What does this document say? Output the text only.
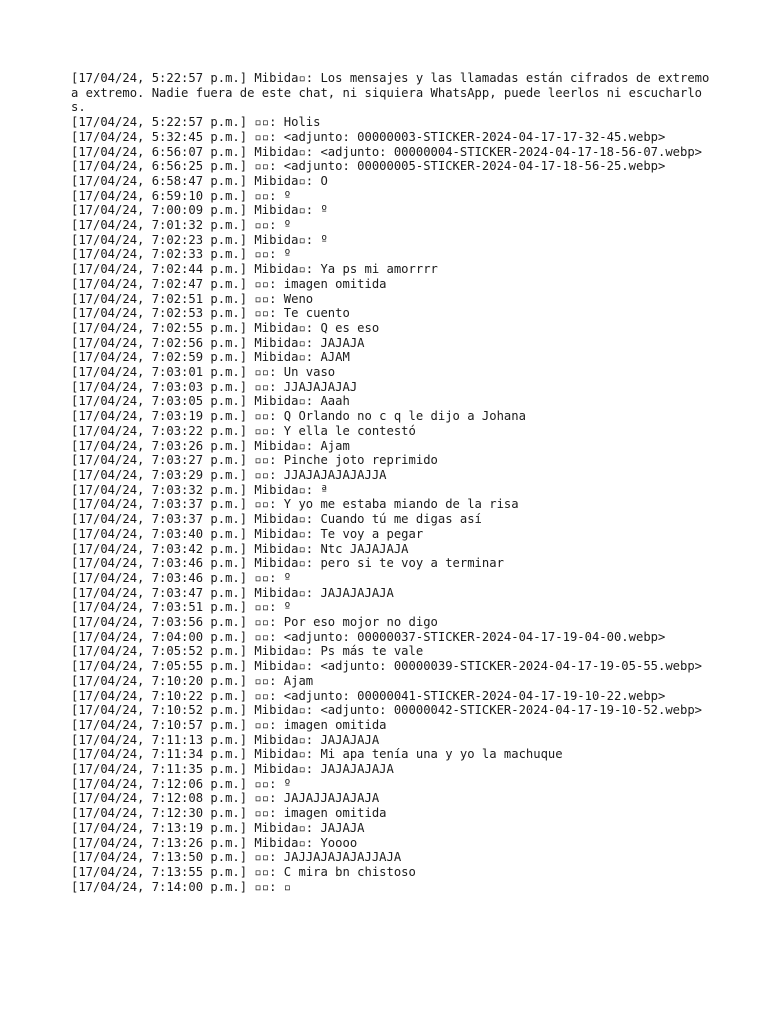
[17/04/24, 5:22:57 p.m.] Mibida▫: Los mensajes y las llamadas están cifrados de extremo a extremo. Nadie fuera de este chat, ni siquiera WhatsApp, puede leerlos ni escucharlos.
[17/04/24, 5:22:57 p.m.] ▫▫: Holis
[17/04/24, 5:32:45 p.m.] ▫▫: <adjunto: 00000003-STICKER-2024-04-17-17-32-45.webp>
[17/04/24, 6:56:07 p.m.] Mibida▫: <adjunto: 00000004-STICKER-2024-04-17-18-56-07.webp>
[17/04/24, 6:56:25 p.m.] ▫▫: <adjunto: 00000005-STICKER-2024-04-17-18-56-25.webp>
[17/04/24, 6:58:47 p.m.] Mibida▫: O
[17/04/24, 6:59:10 p.m.] ▫▫: º
[17/04/24, 7:00:09 p.m.] Mibida▫: º
[17/04/24, 7:01:32 p.m.] ▫▫: º
[17/04/24, 7:02:23 p.m.] Mibida▫: º
[17/04/24, 7:02:33 p.m.] ▫▫: º
[17/04/24, 7:02:44 p.m.] Mibida▫: Ya ps mi amorrrr
[17/04/24, 7:02:47 p.m.] ▫▫: imagen omitida
[17/04/24, 7:02:51 p.m.] ▫▫: Weno
[17/04/24, 7:02:53 p.m.] ▫▫: Te cuento
[17/04/24, 7:02:55 p.m.] Mibida▫: Q es eso
[17/04/24, 7:02:56 p.m.] Mibida▫: JAJAJA
[17/04/24, 7:02:59 p.m.] Mibida▫: AJAM
[17/04/24, 7:03:01 p.m.] ▫▫: Un vaso
[17/04/24, 7:03:03 p.m.] ▫▫: JJAJAJAJAJ
[17/04/24, 7:03:05 p.m.] Mibida▫: Aaah
[17/04/24, 7:03:19 p.m.] ▫▫: Q Orlando no c q le dijo a Johana
[17/04/24, 7:03:22 p.m.] ▫▫: Y ella le contestó
[17/04/24, 7:03:26 p.m.] Mibida▫: Ajam
[17/04/24, 7:03:27 p.m.] ▫▫: Pinche joto reprimido
[17/04/24, 7:03:29 p.m.] ▫▫: JJAJAJAJAJAJJA
[17/04/24, 7:03:32 p.m.] Mibida▫: ª
[17/04/24, 7:03:37 p.m.] ▫▫: Y yo me estaba miando de la risa
[17/04/24, 7:03:37 p.m.] Mibida▫: Cuando tú me digas así
[17/04/24, 7:03:40 p.m.] Mibida▫: Te voy a pegar
[17/04/24, 7:03:42 p.m.] Mibida▫: Ntc JAJAJAJA
[17/04/24, 7:03:46 p.m.] Mibida▫: pero si te voy a terminar
[17/04/24, 7:03:46 p.m.] ▫▫: º
[17/04/24, 7:03:47 p.m.] Mibida▫: JAJAJAJAJA
[17/04/24, 7:03:51 p.m.] ▫▫: º
[17/04/24, 7:03:56 p.m.] ▫▫: Por eso mojor no digo
[17/04/24, 7:04:00 p.m.] ▫▫: <adjunto: 00000037-STICKER-2024-04-17-19-04-00.webp>
[17/04/24, 7:05:52 p.m.] Mibida▫: Ps más te vale
[17/04/24, 7:05:55 p.m.] Mibida▫: <adjunto: 00000039-STICKER-2024-04-17-19-05-55.webp>
[17/04/24, 7:10:20 p.m.] ▫▫: Ajam
[17/04/24, 7:10:22 p.m.] ▫▫: <adjunto: 00000041-STICKER-2024-04-17-19-10-22.webp>
[17/04/24, 7:10:52 p.m.] Mibida▫: <adjunto: 00000042-STICKER-2024-04-17-19-10-52.webp>
[17/04/24, 7:10:57 p.m.] ▫▫: imagen omitida
[17/04/24, 7:11:13 p.m.] Mibida▫: JAJAJAJA
[17/04/24, 7:11:34 p.m.] Mibida▫: Mi apa tenía una y yo la machuque
[17/04/24, 7:11:35 p.m.] Mibida▫: JAJAJAJAJA
[17/04/24, 7:12:06 p.m.] ▫▫: º
[17/04/24, 7:12:08 p.m.] ▫▫: JAJAJJAJAJAJA
[17/04/24, 7:12:30 p.m.] ▫▫: imagen omitida
[17/04/24, 7:13:19 p.m.] Mibida▫: JAJAJA
[17/04/24, 7:13:26 p.m.] Mibida▫: Yoooo
[17/04/24, 7:13:50 p.m.] ▫▫: JAJJAJAJAJAJJAJA
[17/04/24, 7:13:55 p.m.] ▫▫: C mira bn chistoso
[17/04/24, 7:14:00 p.m.] ▫▫: ▫
